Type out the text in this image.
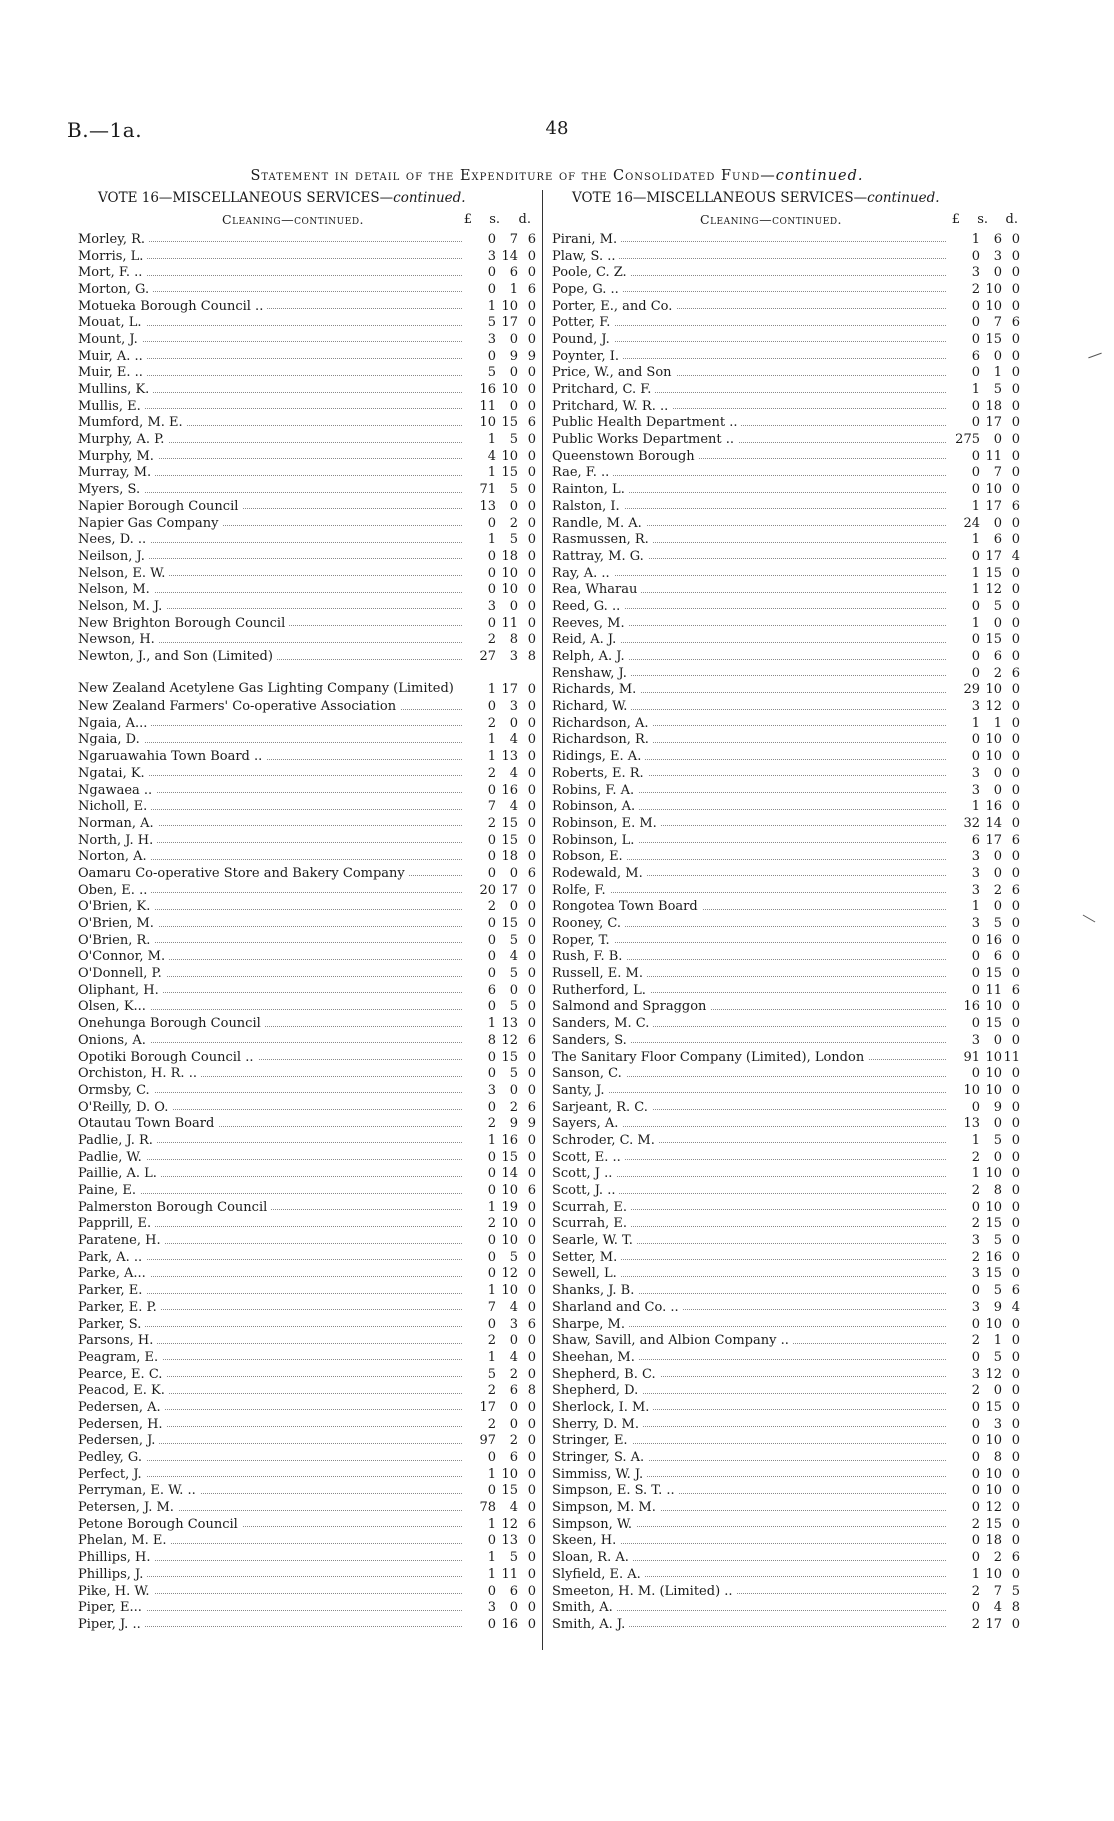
B.—1a.	48
Statement in detail of the Expenditure of the Consolidated Fund—continued.
VOTE 16—MISCELLANEOUS SERVICES—continued.	VOTE 16—MISCELLANEOUS SERVICES—continued.
Cleaning—continued.	Cleaning—continued.
£	s.	d.	£	s.	d.
Morley, R.	0	7 6
Morris, L.	3 14 0
Mort, F. ..	0	6 0
Morton, G.	0	1 6
Motueka Borough Council ..	1 10 0
Mouat, L.	5 17 0
Mount, J.	3	0 0
Muir, A. ..	0	9 9
Muir, E. ..	5	0 0
Mullins, K.	16 10 0
Mullis, E.	11	0 0
Mumford, M. E.	10 15 6
Murphy, A. P.	1	5 0
Murphy, M.	4 10 0
Murray, M.	1 15 0
Myers, S.	71	5 0
Napier Borough Council	13	0 0
Napier Gas Company	0	2 0
Nees, D. ..	1	5 0
Neilson, J.	0 18 0
Nelson, E. W.	0 10 0
Nelson, M.	0 10 0
Nelson, M. J.	3	0 0
New Brighton Borough Council	0 11 0
Newson, H.	2	8 0
Newton, J., and Son (Limited)	27	3 8
New Zealand Acetylene Gas Lighting Company (Limited)	1 17 0
New Zealand Farmers' Co-operative Association	0	3 0
Ngaia, A...	2	0 0
Ngaia, D.	1	4 0
Ngaruawahia Town Board ..	1 13 0
Ngatai, K.	2	4 0
Ngawaea ..	0 16 0
Nicholl, E.	7	4 0
Norman, A.	2 15 0
North, J. H.	0 15 0
Norton, A.	0 18 0
Oamaru Co-operative Store and Bakery Company	0	0 6
Oben, E. ..	20 17 0
O'Brien, K.	2	0 0
O'Brien, M.	0 15 0
O'Brien, R.	0	5 0
O'Connor, M.	0	4 0
O'Donnell, P.	0	5 0
Oliphant, H.	6	0 0
Olsen, K...	0	5 0
Onehunga Borough Council	1 13 0
Onions, A.	8 12 6
Opotiki Borough Council ..	0 15 0
Orchiston, H. R. ..	0	5 0
Ormsby, C.	3	0 0
O'Reilly, D. O.	0	2 6
Otautau Town Board	2	9 9
Padlie, J. R.	1 16 0
Padlie, W.	0 15 0
Paillie, A. L.	0 14 0
Paine, E.	0 10 6
Palmerston Borough Council	1 19 0
Papprill, E.	2 10 0
Paratene, H.	0 10 0
Park, A. ..	0	5 0
Parke, A...	0 12 0
Parker, E.	1 10 0
Parker, E. P.	7	4 0
Parker, S.	0	3 6
Parsons, H.	2	0 0
Peagram, E.	1	4 0
Pearce, E. C.	5	2 0
Peacod, E. K.	2	6 8
Pedersen, A.	17	0 0
Pedersen, H.	2	0 0
Pedersen, J.	97	2 0
Pedley, G.	0	6 0
Perfect, J.	1 10 0
Perryman, E. W. ..	0 15 0
Petersen, J. M.	78	4 0
Petone Borough Council	1 12 6
Phelan, M. E.	0 13 0
Phillips, H.	1	5 0
Phillips, J.	1 11 0
Pike, H. W.	0	6 0
Piper, E...	3	0 0
Piper, J. ..	0 16 0
Pirani, M.	1	6 0
Plaw, S. ..	0	3 0
Poole, C. Z.	3	0 0
Pope, G. ..	2 10 0
Porter, E., and Co.	0 10 0
Potter, F.	0	7 6
Pound, J.	0 15 0
Poynter, I.	6	0 0
Price, W., and Son	0	1 0
Pritchard, C. F.	1	5 0
Pritchard, W. R. ..	0 18 0
Public Health Department ..	0 17 0
Public Works Department ..	275	0 0
Queenstown Borough	0 11 0
Rae, F. ..	0	7 0
Rainton, L.	0 10 0
Ralston, I.	1 17 6
Randle, M. A.	24	0 0
Rasmussen, R.	1	6 0
Rattray, M. G.	0 17 4
Ray, A. ..	1 15 0
Rea, Wharau	1 12 0
Reed, G. ..	0	5 0
Reeves, M.	1	0 0
Reid, A. J.	0 15 0
Relph, A. J.	0	6 0
Renshaw, J.	0	2 6
Richards, M.	29 10 0
Richard, W.	3 12 0
Richardson, A.	1	1 0
Richardson, R.	0 10 0
Ridings, E. A.	0 10 0
Roberts, E. R.	3	0 0
Robins, F. A.	3	0 0
Robinson, A.	1 16 0
Robinson, E. M.	32 14 0
Robinson, L.	6 17 6
Robson, E.	3	0 0
Rodewald, M.	3	0 0
Rolfe, F.	3	2 6
Rongotea Town Board	1	0 0
Rooney, C.	3	5 0
Roper, T.	0 16 0
Rush, F. B.	0	6 0
Russell, E. M.	0 15 0
Rutherford, L.	0 11 6
Salmond and Spraggon	16 10 0
Sanders, M. C.	0 15 0
Sanders, S.	3	0 0
The Sanitary Floor Company (Limited), London	91 10 11
Sanson, C.	0 10 0
Santy, J.	10 10 0
Sarjeant, R. C.	0	9 0
Sayers, A.	13	0 0
Schroder, C. M.	1	5 0
Scott, E. ..	2	0 0
Scott, J ..	1 10 0
Scott, J. ..	2	8 0
Scurrah, E.	0 10 0
Scurrah, E.	2 15 0
Searle, W. T.	3	5 0
Setter, M.	2 16 0
Sewell, L.	3 15 0
Shanks, J. B.	0	5 6
Sharland and Co. ..	3	9 4
Sharpe, M.	0 10 0
Shaw, Savill, and Albion Company ..	2	1 0
Sheehan, M.	0	5 0
Shepherd, B. C.	3 12 0
Shepherd, D.	2	0 0
Sherlock, I. M.	0 15 0
Sherry, D. M.	0	3 0
Stringer, E.	0 10 0
Stringer, S. A.	0	8 0
Simmiss, W. J.	0 10 0
Simpson, E. S. T. ..	0 10 0
Simpson, M. M.	0 12 0
Simpson, W.	2 15 0
Skeen, H.	0 18 0
Sloan, R. A.	0	2 6
Slyfield, E. A.	1 10 0
Smeeton, H. M. (Limited) ..	2	7 5
Smith, A.	0	4 8
Smith, A. J.	2 17 0
